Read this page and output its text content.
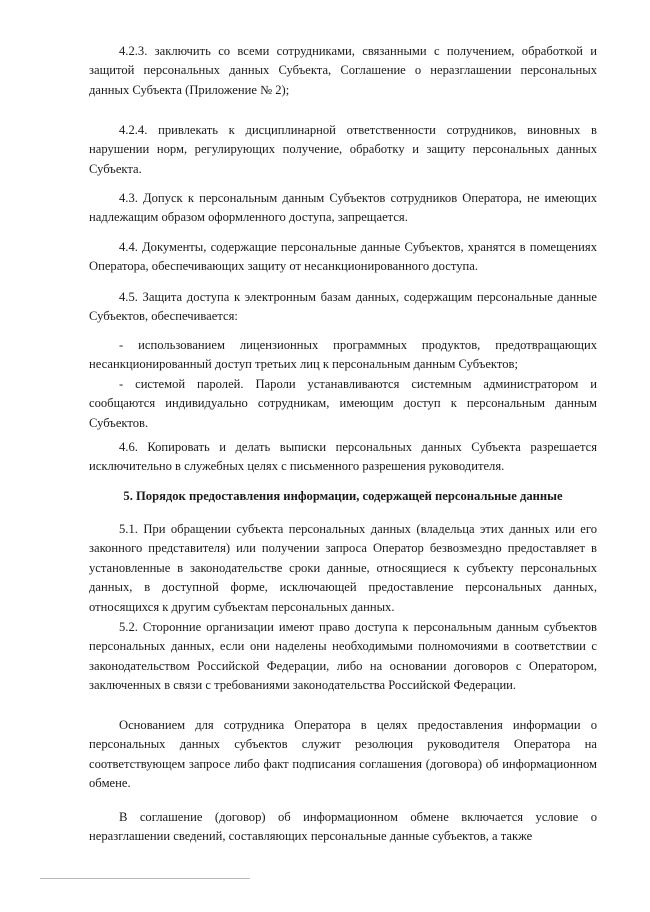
4.2.3. заключить со всеми сотрудниками, связанными с получением, обработкой и защитой персональных данных Субъекта, Соглашение о неразглашении персональных данных Субъекта (Приложение № 2);

4.2.4. привлекать к дисциплинарной ответственности сотрудников, виновных в нарушении норм, регулирующих получение, обработку и защиту персональных данных Субъекта.

4.3. Допуск к персональным данным Субъектов сотрудников Оператора, не имеющих надлежащим образом оформленного доступа, запрещается.

4.4. Документы, содержащие персональные данные Субъектов, хранятся в помещениях Оператора, обеспечивающих защиту от несанкционированного доступа.

4.5. Защита доступа к электронным базам данных, содержащим персональные данные Субъектов, обеспечивается:

- использованием лицензионных программных продуктов, предотвращающих несанкционированный доступ третьих лиц к персональным данным Субъектов;

- системой паролей. Пароли устанавливаются системным администратором и сообщаются индивидуально сотрудникам, имеющим доступ к персональным данным Субъектов.

4.6. Копировать и делать выписки персональных данных Субъекта разрешается исключительно в служебных целях с письменного разрешения руководителя.

5. Порядок предоставления информации, содержащей персональные данные

5.1. При обращении субъекта персональных данных (владельца этих данных или его законного представителя) или получении запроса Оператор безвозмездно предоставляет в установленные в законодательстве сроки данные, относящиеся к субъекту персональных данных, в доступной форме, исключающей предоставление персональных данных, относящихся к другим субъектам персональных данных.

5.2. Сторонние организации имеют право доступа к персональным данным субъектов персональных данных, если они наделены необходимыми полномочиями в соответствии с законодательством Российской Федерации, либо на основании договоров с Оператором, заключенных в связи с требованиями законодательства Российской Федерации.

Основанием для сотрудника Оператора в целях предоставления информации о персональных данных субъектов служит резолюция руководителя Оператора на соответствующем запросе либо факт подписания соглашения (договора) об информационном обмене.

В соглашение (договор) об информационном обмене включается условие о неразглашении сведений, составляющих персональные данные субъектов, а также
